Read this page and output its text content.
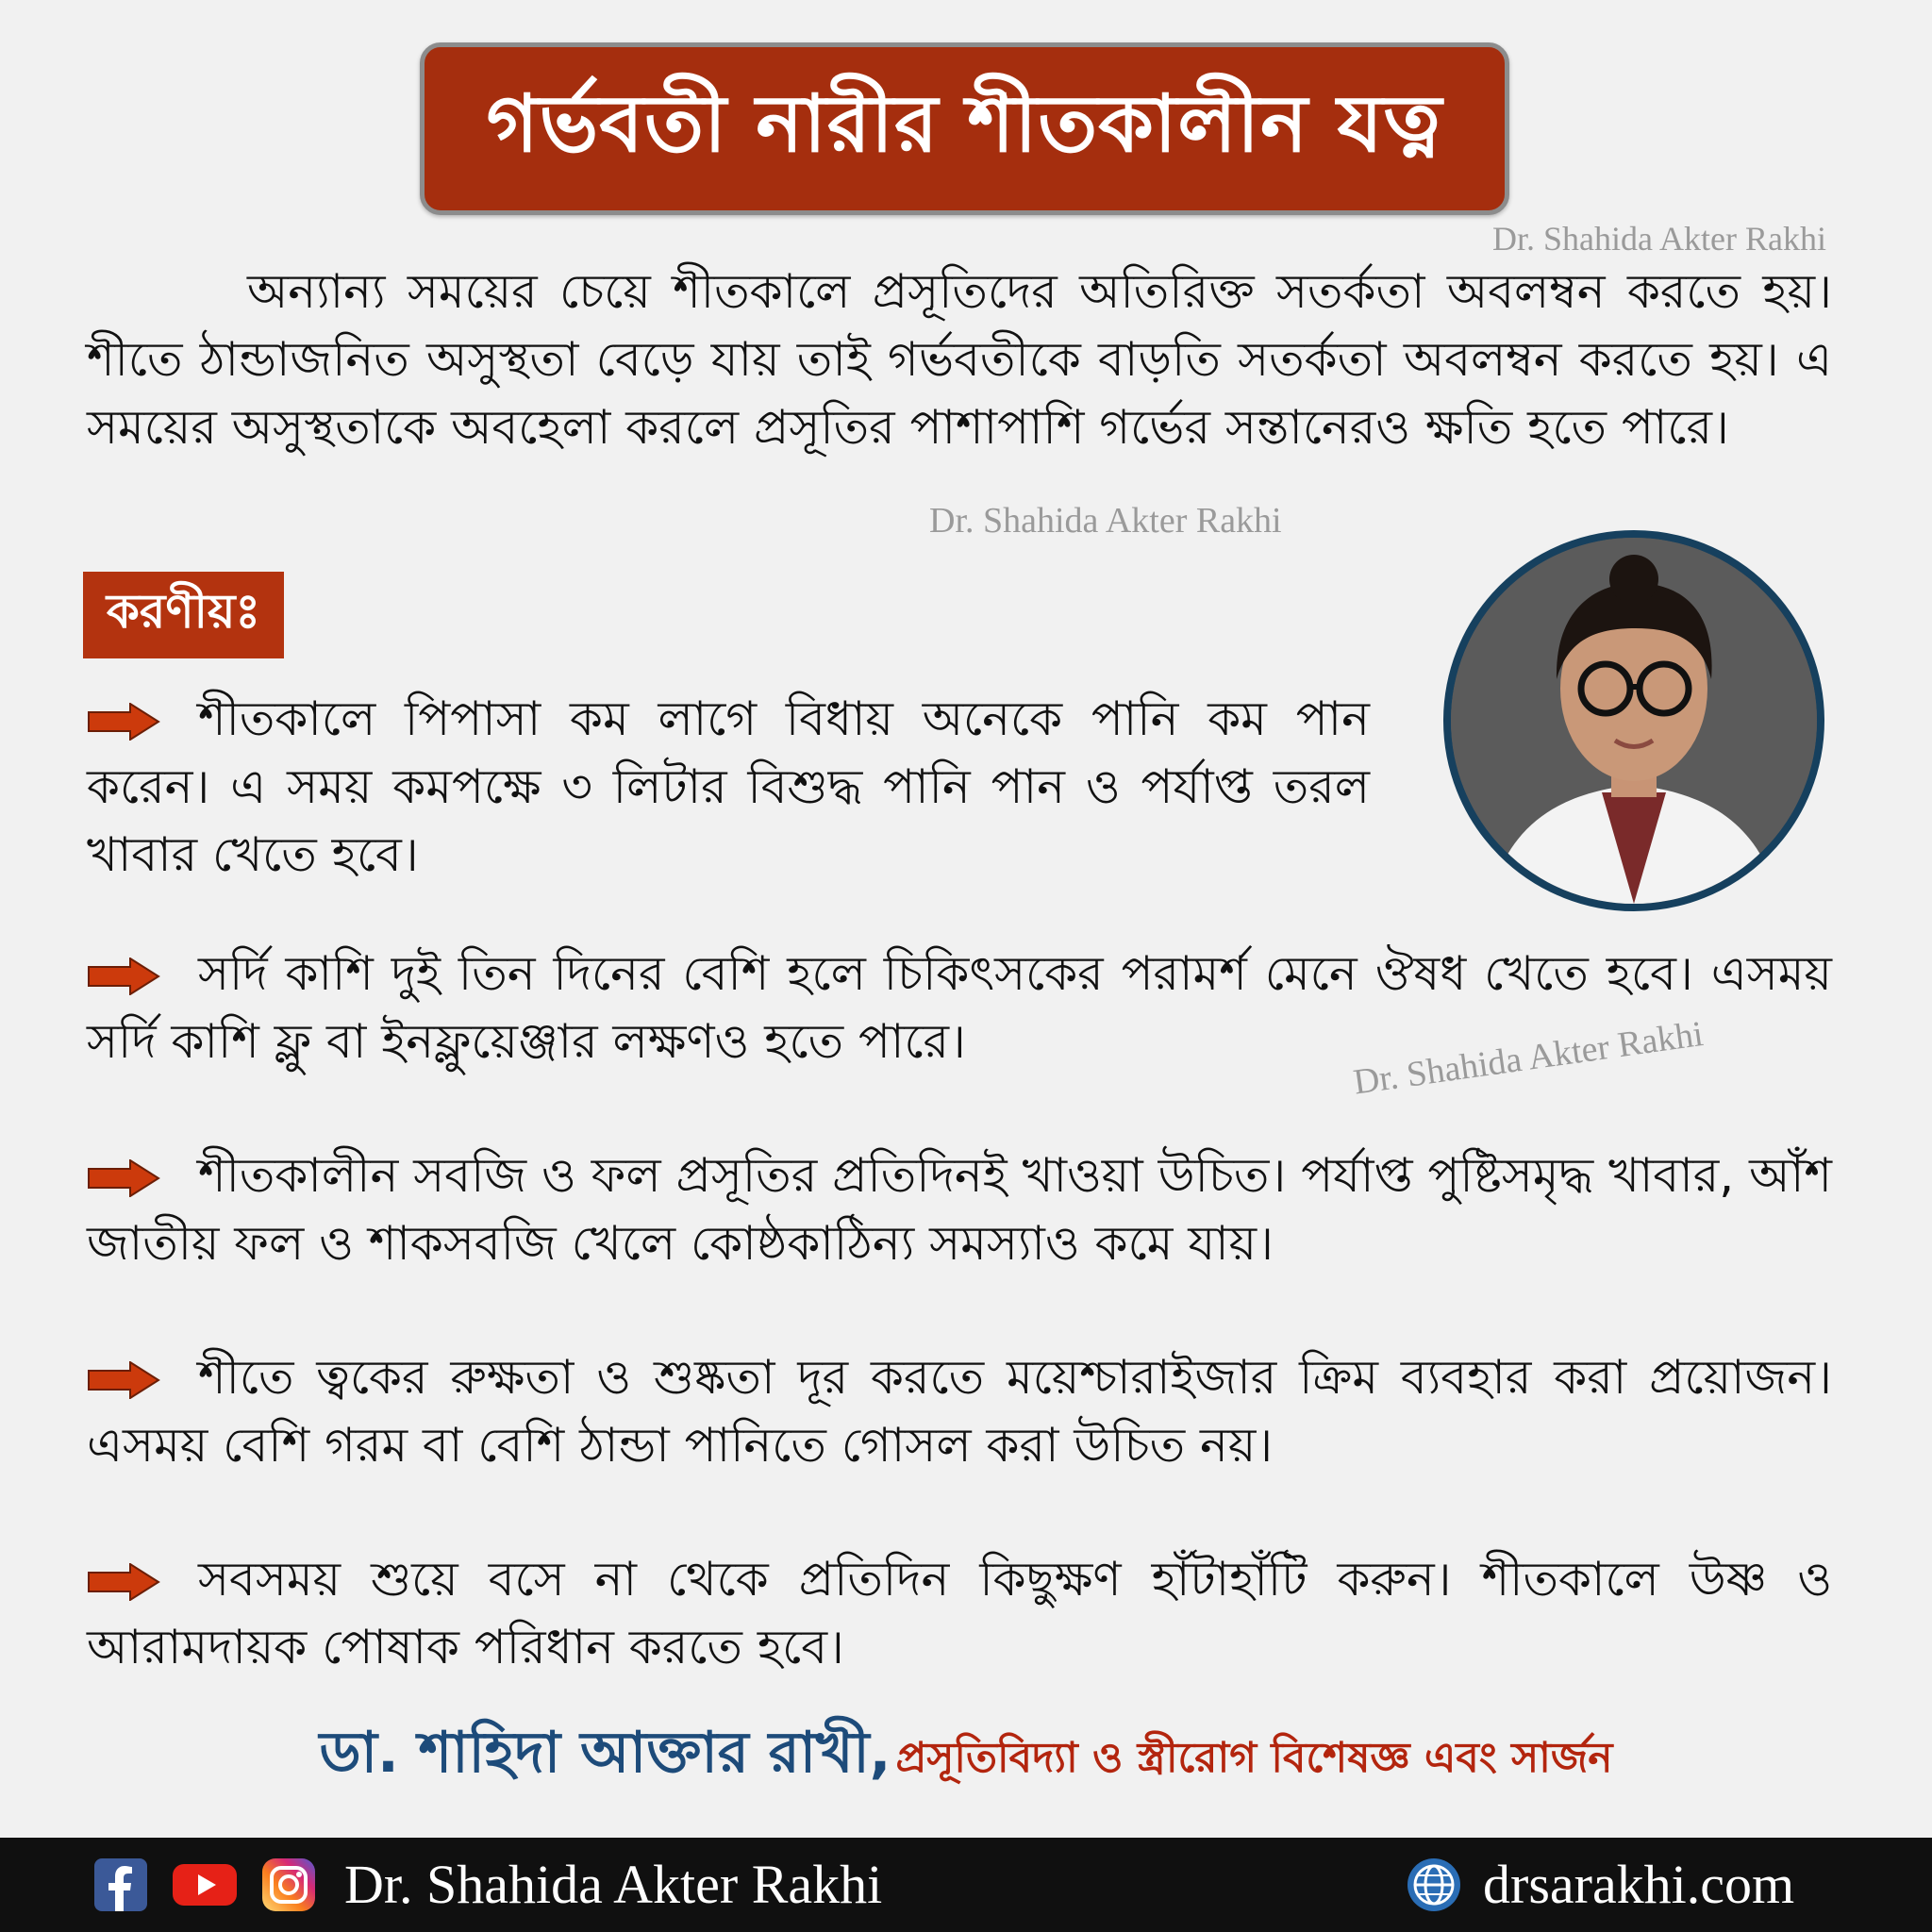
গর্ভবতী নারীর শীতকালীন যত্ন
Dr. Shahida Akter Rakhi
Dr. Shahida Akter Rakhi
Dr. Shahida Akter Rakhi
অন্যান্য সময়ের চেয়ে শীতকালে প্রসূতিদের অতিরিক্ত সতর্কতা অবলম্বন করতে হয়। শীতে ঠান্ডাজনিত অসুস্থতা বেড়ে যায় তাই গর্ভবতীকে বাড়তি সতর্কতা অবলম্বন করতে হয়। এ সময়ের অসুস্থতাকে অবহেলা করলে প্রসূতির পাশাপাশি গর্ভের সন্তানেরও ক্ষতি হতে পারে।
করণীয়ঃ
শীতকালে পিপাসা কম লাগে বিধায় অনেকে পানি কম পান করেন। এ সময় কমপক্ষে ৩ লিটার বিশুদ্ধ পানি পান ও পর্যাপ্ত তরল খাবার খেতে হবে।
সর্দি কাশি দুই তিন দিনের বেশি হলে চিকিৎসকের পরামর্শ মেনে ঔষধ খেতে হবে। এসময় সর্দি কাশি ফ্লু বা ইনফ্লুয়েঞ্জার লক্ষণও হতে পারে।
শীতকালীন সবজি ও ফল প্রসূতির প্রতিদিনই খাওয়া উচিত। পর্যাপ্ত পুষ্টিসমৃদ্ধ খাবার, আঁশ জাতীয় ফল ও শাকসবজি খেলে কোষ্ঠকাঠিন্য সমস্যাও কমে যায়।
শীতে ত্বকের রুক্ষতা ও শুষ্কতা দূর করতে ময়েশ্চারাইজার ক্রিম ব্যবহার করা প্রয়োজন। এসময় বেশি গরম বা বেশি ঠান্ডা পানিতে গোসল করা উচিত নয়।
সবসময় শুয়ে বসে না থেকে প্রতিদিন কিছুক্ষণ হাঁটাহাঁটি করুন। শীতকালে উষ্ণ ও আরামদায়ক পোষাক পরিধান করতে হবে।
ডা. শাহিদা আক্তার রাখী, প্রসূতিবিদ্যা ও স্ত্রীরোগ বিশেষজ্ঞ এবং সার্জন
Dr. Shahida Akter Rakhi	drsarakhi.com
